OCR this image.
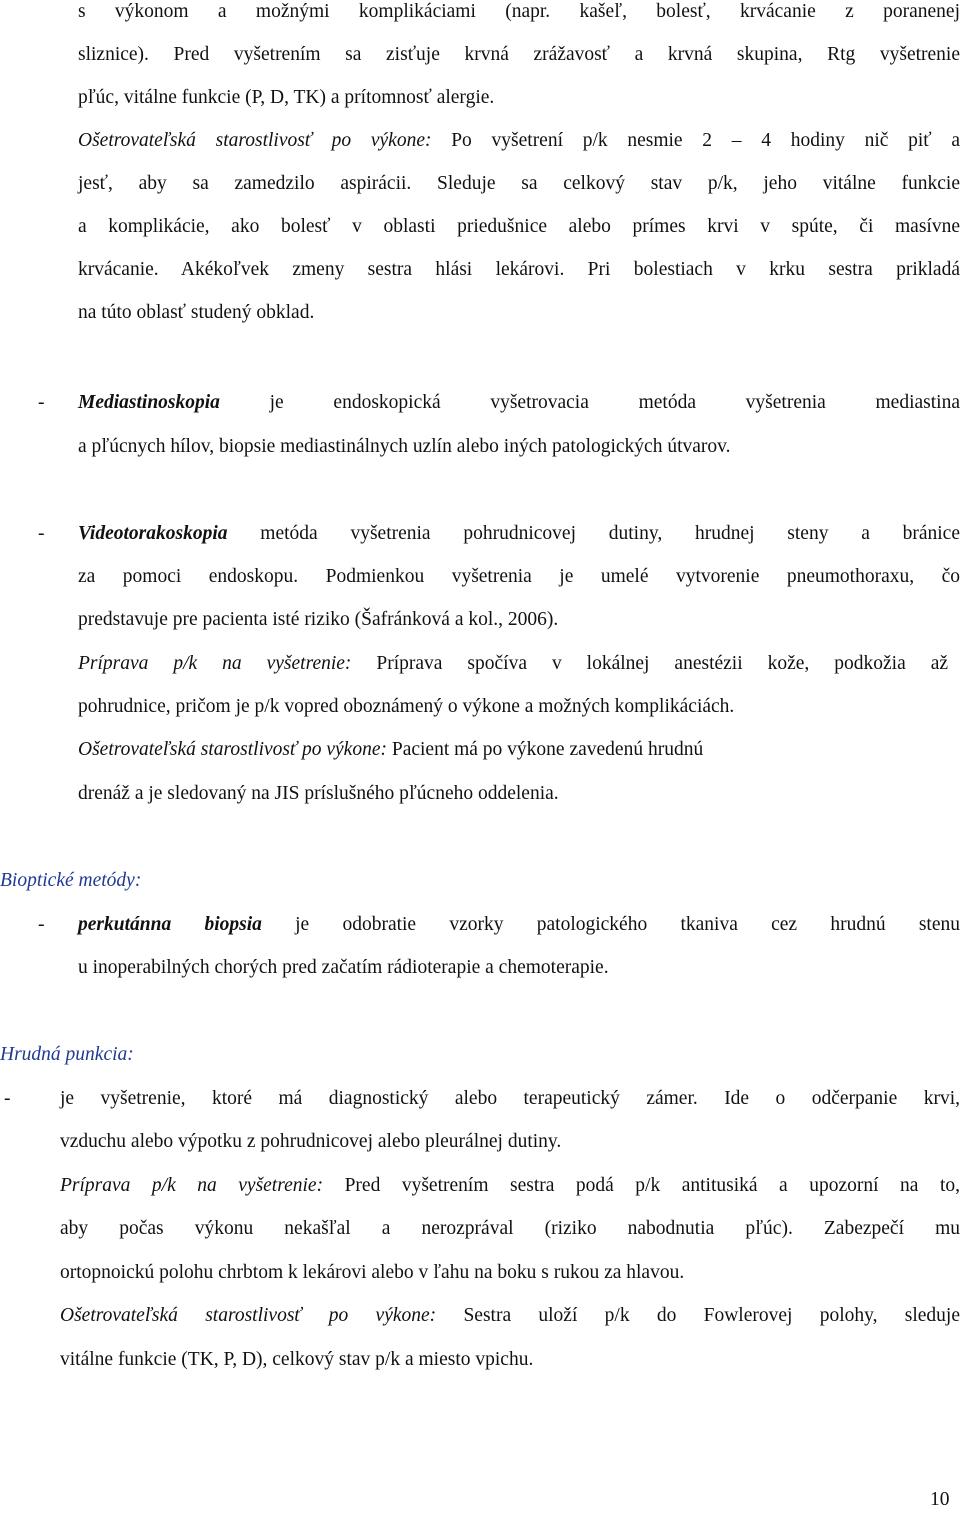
s výkonom a možnými komplikáciami (napr. kašeľ, bolesť, krvácanie z poranenej
sliznice). Pred vyšetrením sa zisťuje krvná zrážavosť a krvná skupina, Rtg vyšetrenie
pľúc, vitálne funkcie (P, D, TK) a prítomnosť alergie.
Ošetrovateľská starostlivosť po výkone: Po vyšetrení p/k nesmie 2 – 4 hodiny nič piť a
jesť, aby sa zamedzilo aspirácii. Sleduje sa celkový stav p/k, jeho vitálne funkcie
a komplikácie, ako bolesť v oblasti priedušnice alebo prímes krvi v spúte, či masívne
krvácanie. Akékoľvek zmeny sestra hlási lekárovi. Pri bolestiach v krku sestra prikladá
na túto oblasť studený obklad.
- Mediastinoskopia je endoskopická vyšetrovacia metóda vyšetrenia mediastina
a pľúcnych hílov, biopsie mediastinálnych uzlín alebo iných patologických útvarov.
- Videotorakoskopia metóda vyšetrenia pohrudnicovej dutiny, hrudnej steny a bránice
za pomoci endoskopu. Podmienkou vyšetrenia je umelé vytvorenie pneumothoraxu, čo
predstavuje pre pacienta isté riziko (Šafránková a kol., 2006).
Príprava p/k na vyšetrenie: Príprava spočíva v lokálnej anestézii kože, podkožia až
pohrudnice, pričom je p/k vopred oboznámený o výkone a možných komplikáciách.
Ošetrovateľská starostlivosť po výkone: Pacient má po výkone zavedenú hrudnú
drenáž a je sledovaný na JIS príslušného pľúcneho oddelenia.
Bioptické metódy:
- perkutánna biopsia je odobratie vzorky patologického tkaniva cez hrudnú stenu
u inoperabilných chorých pred začatím rádioterapie a chemoterapie.
Hrudná punkcia:
-	je vyšetrenie, ktoré má diagnostický alebo terapeutický zámer. Ide o odčerpanie krvi,
vzduchu alebo výpotku z pohrudnicovej alebo pleurálnej dutiny.
Príprava p/k na vyšetrenie: Pred vyšetrením sestra podá p/k antitusiká a upozorní na to,
aby počas výkonu nekašľal a nerozprával (riziko nabodnutia pľúc). Zabezpečí mu
ortopnoickú polohu chrbtom k lekárovi alebo v ľahu na boku s rukou za hlavou.
Ošetrovateľská starostlivosť po výkone: Sestra uloží p/k do Fowlerovej polohy, sleduje
vitálne funkcie (TK, P, D), celkový stav p/k a miesto vpichu.
10
